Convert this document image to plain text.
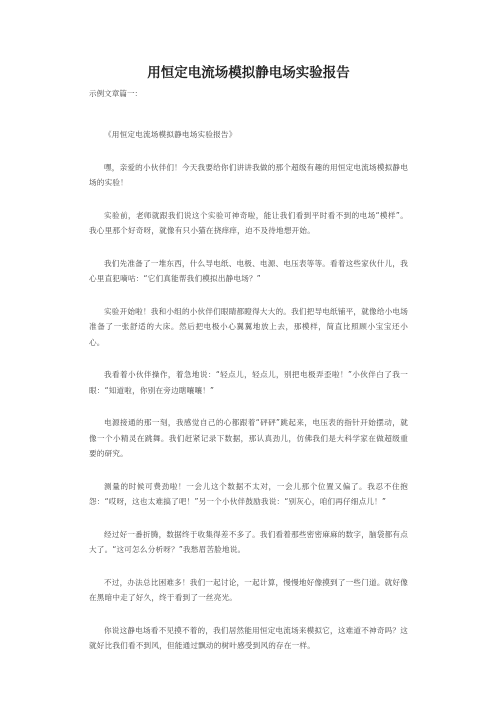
用恒定电流场模拟静电场实验报告
示例文章篇一：
《用恒定电流场模拟静电场实验报告》
嘿，亲爱的小伙伴们！今天我要给你们讲讲我做的那个超级有趣的用恒定电流场模拟静电场的实验！
实验前，老师就跟我们说这个实验可神奇啦，能让我们看到平时看不到的电场“模样”。我心里那个好奇呀，就像有只小猫在挠痒痒，迫不及待地想开始。
我们先准备了一堆东西，什么导电纸、电极、电源、电压表等等。看着这些家伙什儿，我心里直犯嘀咕：“它们真能帮我们模拟出静电场？”
实验开始啦！我和小组的小伙伴们眼睛都瞪得大大的。我们把导电纸铺平，就像给小电场准备了一张舒适的大床。然后把电极小心翼翼地放上去，那模样，简直比照顾小宝宝还小心。
我看着小伙伴操作，着急地说：“轻点儿，轻点儿，别把电极弄歪啦！”小伙伴白了我一眼：“知道啦，你别在旁边瞎嚷嚷！”
电源接通的那一刻，我感觉自己的心都跟着“砰砰”跳起来，电压表的指针开始摆动，就像一个小精灵在跳舞。我们赶紧记录下数据，那认真劲儿，仿佛我们是大科学家在做超级重要的研究。
测量的时候可费劲啦！一会儿这个数据不太对，一会儿那个位置又偏了。我忍不住抱怨：“哎呀，这也太难搞了吧！”另一个小伙伴鼓励我说：“别灰心，咱们再仔细点儿！”
经过好一番折腾，数据终于收集得差不多了。我们看着那些密密麻麻的数字，脑袋都有点大了。“这可怎么分析呀？”我愁眉苦脸地说。
不过，办法总比困难多！我们一起讨论，一起计算，慢慢地好像摸到了一些门道。就好像在黑暗中走了好久，终于看到了一丝亮光。
你说这静电场看不见摸不着的，我们居然能用恒定电流场来模拟它，这难道不神奇吗？这就好比我们看不到风，但能通过飘动的树叶感受到风的存在一样。
